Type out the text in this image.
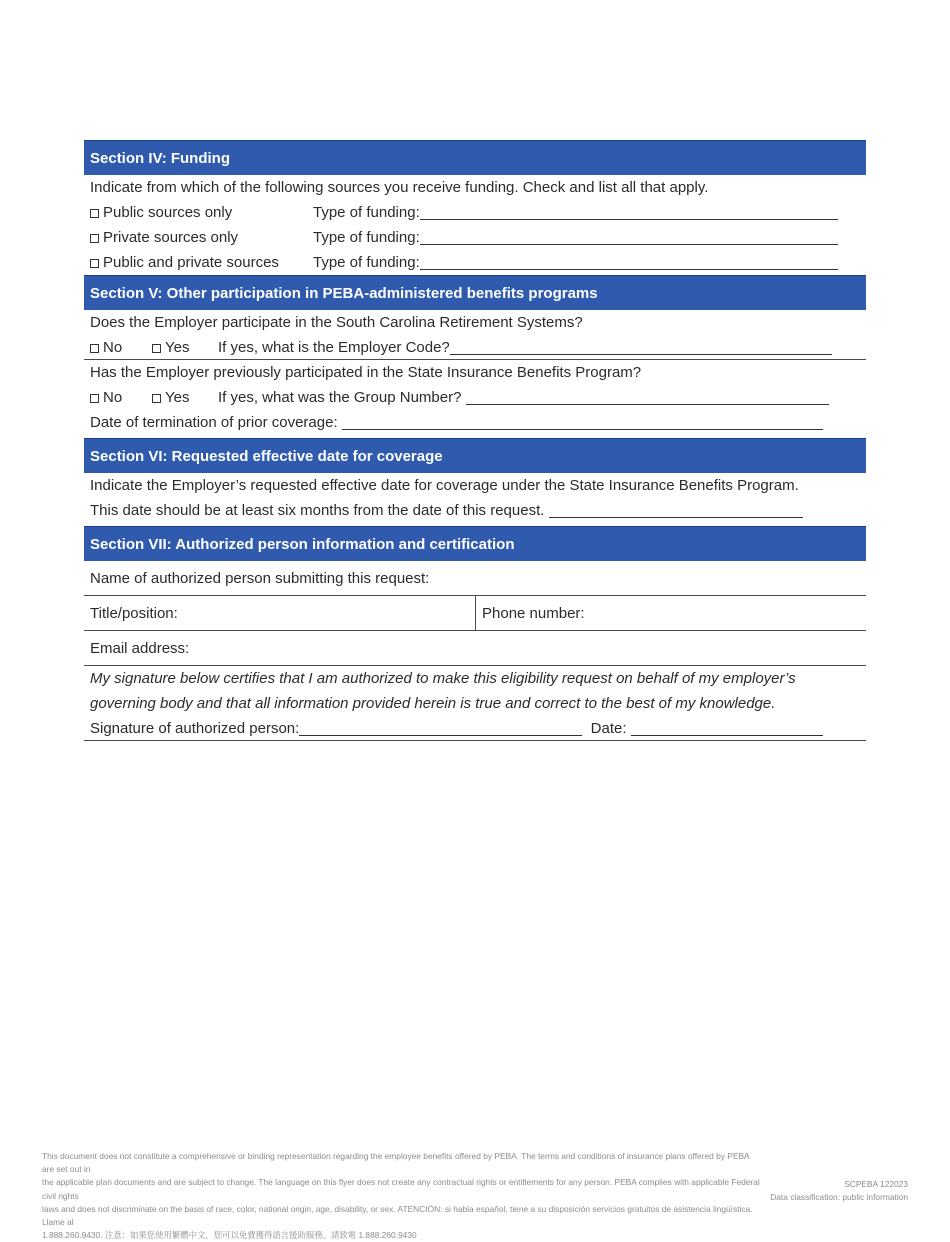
Section IV: Funding
Indicate from which of the following sources you receive funding. Check and list all that apply.
Public sources only	Type of funding:
Private sources only	Type of funding:
Public and private sources Type of funding:
Section V: Other participation in PEBA-administered benefits programs
Does the Employer participate in the South Carolina Retirement Systems?
No	Yes If yes, what is the Employer Code?
Has the Employer previously participated in the State Insurance Benefits Program?
No	Yes If yes, what was the Group Number?
Date of termination of prior coverage:
Section VI: Requested effective date for coverage
Indicate the Employer’s requested effective date for coverage under the State Insurance Benefits Program.
This date should be at least six months from the date of this request.
Section VII: Authorized person information and certification
Name of authorized person submitting this request:
Title/position:	Phone number:
Email address:
My signature below certifies that I am authorized to make this eligibility request on behalf of my employer’s
governing body and that all information provided herein is true and correct to the best of my knowledge.
Signature of authorized person:	Date:
This document does not constitute a comprehensive or binding representation regarding the employee benefits offered by PEBA. The terms and conditions of insurance plans offered by PEBA are set out in
the applicable plan documents and are subject to change. The language on this flyer does not create any contractual rights or entitlements for any person. PEBA complies with applicable Federal civil rights
laws and does not discriminate on the basis of race, color, national origin, age, disability, or sex. ATENCIÓN: si habla español, tiene a su disposición servicios gratuitos de asistencia lingüística. Llame al
1.888.260.9430. 注意：如果您使用繁體中文，您可以免費獲得語言援助服務。請致電 1.888.260.9430
SCPEBA 122023
Data classification: public information
